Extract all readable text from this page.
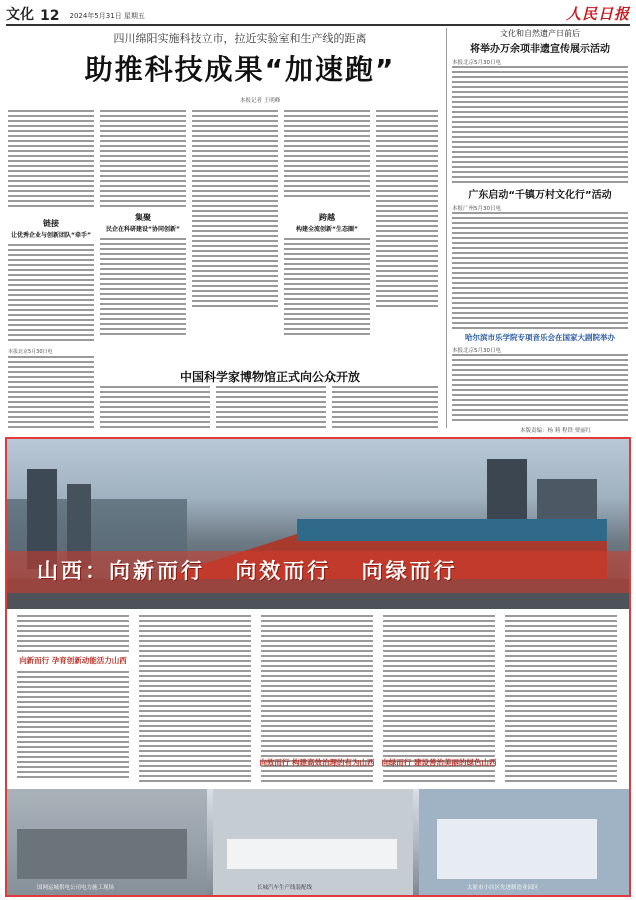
文化 12 2024年5月31日 星期五	人民日报
四川绵阳实施科技立市，拉近实验室和生产线的距离
助推科技成果“加速跑”
本报记者 王明峰
链接
让优秀企业与创新团队“牵手”
集聚
民企在科研建设“协同创新”
跨越
构建全流创新“生态圈”
本报北京5月30日电
中国科学家博物馆正式向公众开放
文化和自然遗产日前后
将举办万余项非遗宣传展示活动
本报北京5月30日电
广东启动“千镇万村文化行”活动
本报广州5月30日电
哈尔滨市乐学院专项音乐会在国家大剧院举办
本报北京5月30日电
本版责编：杨 莉 程铁 贾丽红
山西：向新而行 向效而行 向绿而行
向新而行 孕育创新动能活力山西
向效而行 构建高效治理的有为山西 向绿而行 建设善治美丽的绿色山西
国网运城供电公司电力施工现场	长城汽车生产线装配线	太原市小店区先进制造业园区
